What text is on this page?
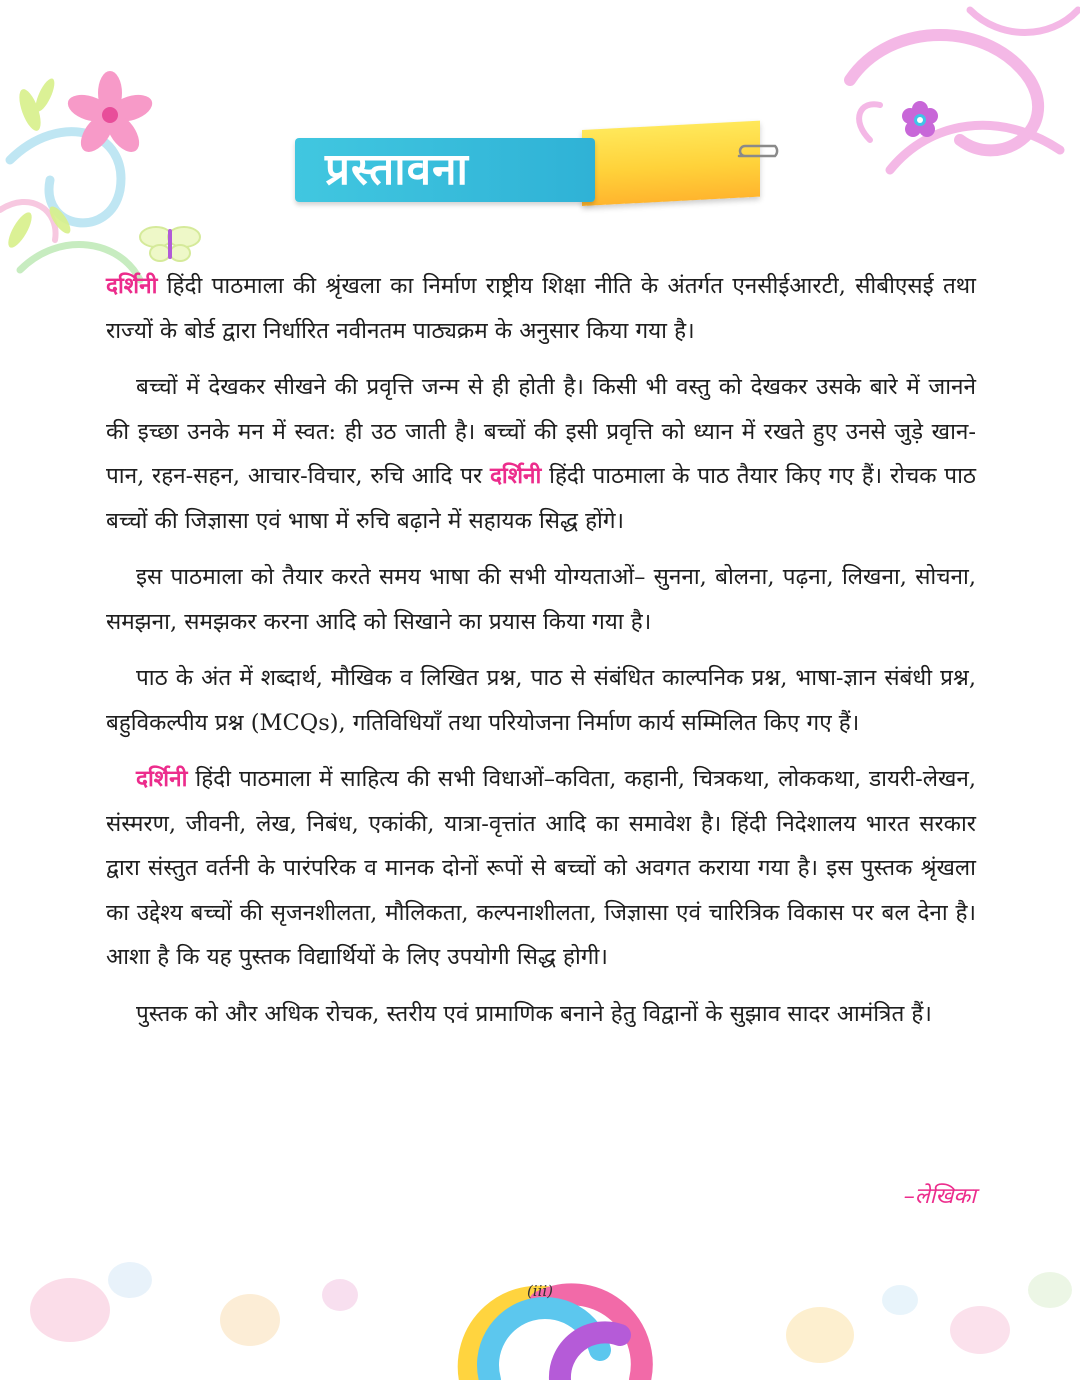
प्रस्तावना

दर्शिनी हिंदी पाठमाला की श्रृंखला का निर्माण राष्ट्रीय शिक्षा नीति के अंतर्गत एनसीईआरटी, सीबीएसई तथा राज्यों के बोर्ड द्वारा निर्धारित नवीनतम पाठ्यक्रम के अनुसार किया गया है।

बच्चों में देखकर सीखने की प्रवृत्ति जन्म से ही होती है। किसी भी वस्तु को देखकर उसके बारे में जानने की इच्छा उनके मन में स्वत: ही उठ जाती है। बच्चों की इसी प्रवृत्ति को ध्यान में रखते हुए उनसे जुड़े खान-पान, रहन-सहन, आचार-विचार, रुचि आदि पर दर्शिनी हिंदी पाठमाला के पाठ तैयार किए गए हैं। रोचक पाठ बच्चों की जिज्ञासा एवं भाषा में रुचि बढ़ाने में सहायक सिद्ध होंगे।

इस पाठमाला को तैयार करते समय भाषा की सभी योग्यताओं– सुनना, बोलना, पढ़ना, लिखना, सोचना, समझना, समझकर करना आदि को सिखाने का प्रयास किया गया है।

पाठ के अंत में शब्दार्थ, मौखिक व लिखित प्रश्न, पाठ से संबंधित काल्पनिक प्रश्न, भाषा-ज्ञान संबंधी प्रश्न, बहुविकल्पीय प्रश्न (MCQs), गतिविधियाँ तथा परियोजना निर्माण कार्य सम्मिलित किए गए हैं।

दर्शिनी हिंदी पाठमाला में साहित्य की सभी विधाओं–कविता, कहानी, चित्रकथा, लोककथा, डायरी-लेखन, संस्मरण, जीवनी, लेख, निबंध, एकांकी, यात्रा-वृत्तांत आदि का समावेश है। हिंदी निदेशालय भारत सरकार द्वारा संस्तुत वर्तनी के पारंपरिक व मानक दोनों रूपों से बच्चों को अवगत कराया गया है। इस पुस्तक श्रृंखला का उद्देश्य बच्चों की सृजनशीलता, मौलिकता, कल्पनाशीलता, जिज्ञासा एवं चारित्रिक विकास पर बल देना है। आशा है कि यह पुस्तक विद्यार्थियों के लिए उपयोगी सिद्ध होगी।

पुस्तक को और अधिक रोचक, स्तरीय एवं प्रामाणिक बनाने हेतु विद्वानों के सुझाव सादर आमंत्रित हैं।

–लेखिका
(iii)
